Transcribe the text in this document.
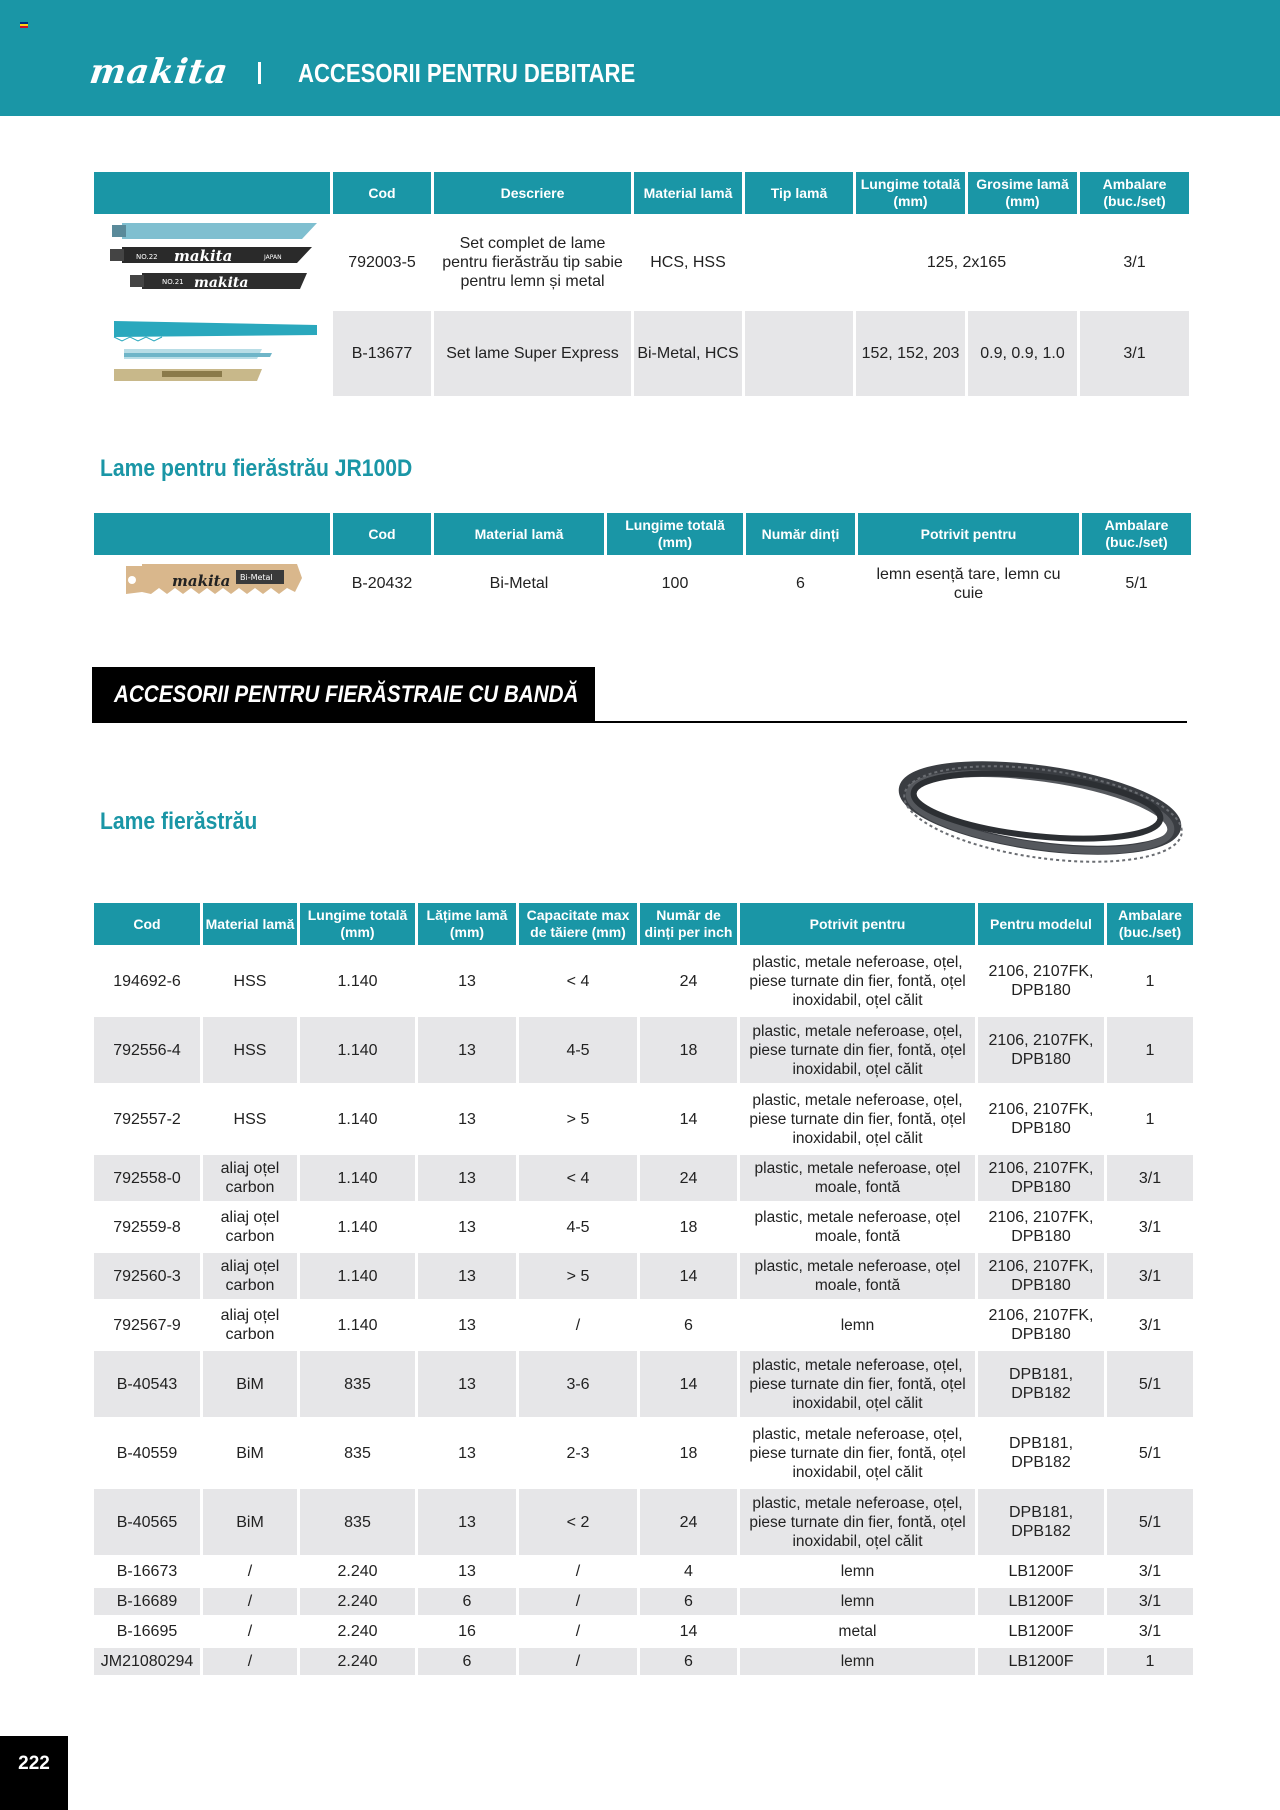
makita	ACCESORII PENTRU DEBITARE
	Cod	Descriere	Material lamă	Tip lamă	Lungime totală (mm)	Grosime lamă (mm)	Ambalare (buc./set)

NO.22 makita JAPAN
NO.21 makita	792003-5	Set complet de lame pentru fierăstrău tip sabie pentru lemn și metal	HCS, HSS		125, 2x165		3/1
	B-13677	Set lame Super Express	Bi-Metal, HCS		152, 152, 203	0.9, 0.9, 1.0	3/1
Lame pentru fierăstrău JR100D
	Cod	Material lamă	Lungime totală (mm)	Număr dinți	Potrivit pentru	Ambalare (buc./set)

makita Bi-Metal	B-20432	Bi-Metal	100	6	lemn esență tare, lemn cu cuie	5/1
ACCESORII PENTRU FIERĂSTRAIE CU BANDĂ
Lame fierăstrău
Cod	Material lamă	Lungime totală (mm)	Lățime lamă (mm)	Capacitate max de tăiere (mm)	Număr de dinți per inch	Potrivit pentru	Pentru modelul	Ambalare (buc./set)
194692-6	HSS	1.140	13	< 4	24	plastic, metale neferoase, oțel, piese turnate din fier, fontă, oțel inoxidabil, oțel călit	2106, 2107FK, DPB180	1
792556-4	HSS	1.140	13	4-5	18	plastic, metale neferoase, oțel, piese turnate din fier, fontă, oțel inoxidabil, oțel călit	2106, 2107FK, DPB180	1
792557-2	HSS	1.140	13	> 5	14	plastic, metale neferoase, oțel, piese turnate din fier, fontă, oțel inoxidabil, oțel călit	2106, 2107FK, DPB180	1
792558-0	aliaj oțel carbon	1.140	13	< 4	24	plastic, metale neferoase, oțel moale, fontă	2106, 2107FK, DPB180	3/1
792559-8	aliaj oțel carbon	1.140	13	4-5	18	plastic, metale neferoase, oțel moale, fontă	2106, 2107FK, DPB180	3/1
792560-3	aliaj oțel carbon	1.140	13	> 5	14	plastic, metale neferoase, oțel moale, fontă	2106, 2107FK, DPB180	3/1
792567-9	aliaj oțel carbon	1.140	13	/	6	lemn	2106, 2107FK, DPB180	3/1
B-40543	BiM	835	13	3-6	14	plastic, metale neferoase, oțel, piese turnate din fier, fontă, oțel inoxidabil, oțel călit	DPB181, DPB182	5/1
B-40559	BiM	835	13	2-3	18	plastic, metale neferoase, oțel, piese turnate din fier, fontă, oțel inoxidabil, oțel călit	DPB181, DPB182	5/1
B-40565	BiM	835	13	< 2	24	plastic, metale neferoase, oțel, piese turnate din fier, fontă, oțel inoxidabil, oțel călit	DPB181, DPB182	5/1
B-16673	/	2.240	13	/	4	lemn	LB1200F	3/1
B-16689	/	2.240	6	/	6	lemn	LB1200F	3/1
B-16695	/	2.240	16	/	14	metal	LB1200F	3/1
JM21080294	/	2.240	6	/	6	lemn	LB1200F	1
222
